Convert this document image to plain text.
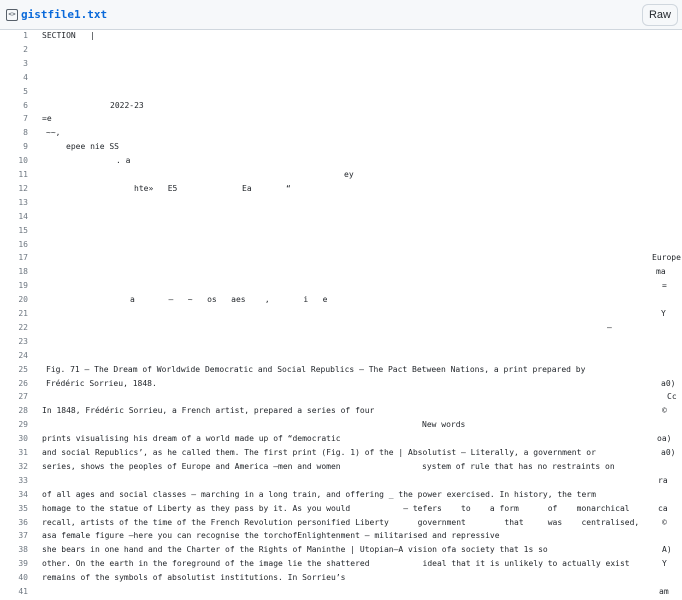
<> gistfile1.txt	Raw
1 SECTION   |
2
3
4
5
6	2022-23
7 =e
8 ~~,
9	epee nie SS
10	. a
11	ey
12	hte»   E5	Ea	“
13
14
15
16
17	Europe
18	ma
19	=
20	a       —   ~   os   aes    ,       i   e
21	Y
22	—
23
24
25 Fig. 71 — The Dream of Worldwide Democratic and Social Republics — The Pact Between Nations, a print prepared by
26 Frédéric Sorrieu, 1848.	a0)
27	Cc
28 In 1848, Frédéric Sorrieu, a French artist, prepared a series of four	©
29	New words
30 prints visualising his dream of a world made up of “democratic	oa)
31 and social Republics’, as he called them. The first print (Fig. 1) of the | Absolutist — Literally, a government or	a0)
32 series, shows the peoples of Europe and America —men and women	system of rule that has no restraints on
33	ra
34 of all ages and social classes — marching in a long train, and offering _ the power exercised. In history, the term
35 homage to the statue of Liberty as they pass by it. As you would           — tefers    to    a form      of    monarchical	ca
36 recall, artists of the time of the French Revolution personified Liberty      government        that     was    centralised,	©
37 asa female figure —here you can recognise the torchofEnlightenment — militarised and repressive
38 she bears in one hand and the Charter of the Rights of Maninthe | Utopian—A vision ofa society that 1s so	A)
39 other. On the earth in the foreground of the image lie the shattered           ideal that it is unlikely to actually exist	Y
40 remains of the symbols of absolutist institutions. In Sorrieu’s
41	am
